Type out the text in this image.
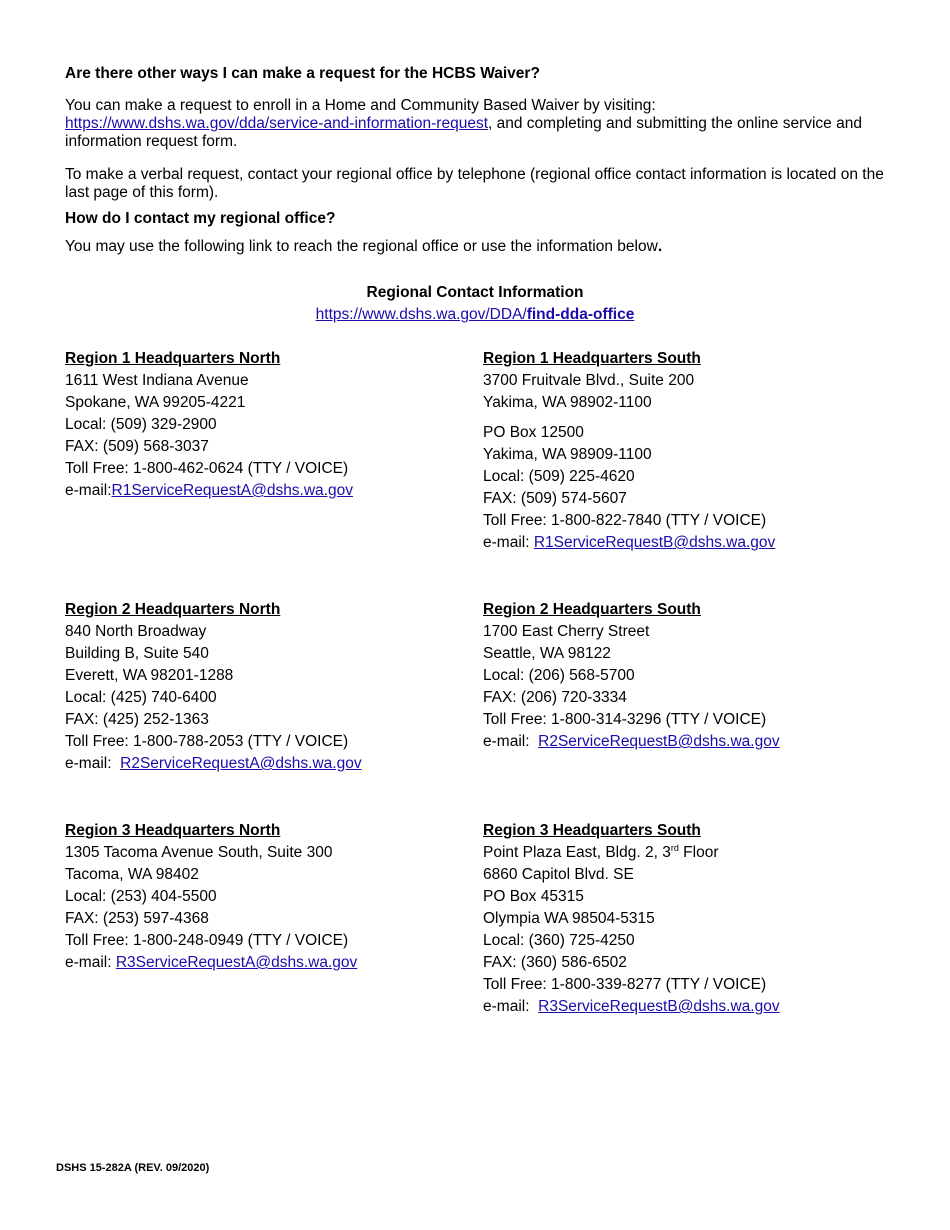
Are there other ways I can make a request for the HCBS Waiver?
You can make a request to enroll in a Home and Community Based Waiver by visiting:
https://www.dshs.wa.gov/dda/service-and-information-request, and completing and submitting the online service and information request form.
To make a verbal request, contact your regional office by telephone (regional office contact information is located on the last page of this form).
How do I contact my regional office?
You may use the following link to reach the regional office or use the information below.
Regional Contact Information
https://www.dshs.wa.gov/DDA/find-dda-office
Region 1 Headquarters North
1611 West Indiana Avenue
Spokane, WA 99205-4221
Local: (509) 329-2900
FAX: (509) 568-3037
Toll Free: 1-800-462-0624 (TTY / VOICE)
e-mail:R1ServiceRequestA@dshs.wa.gov
Region 1 Headquarters South
3700 Fruitvale Blvd., Suite 200
Yakima, WA 98902-1100
PO Box 12500
Yakima, WA 98909-1100
Local: (509) 225-4620
FAX: (509) 574-5607
Toll Free: 1-800-822-7840 (TTY / VOICE)
e-mail: R1ServiceRequestB@dshs.wa.gov
Region 2 Headquarters North
840 North Broadway
Building B, Suite 540
Everett, WA 98201-1288
Local: (425) 740-6400
FAX: (425) 252-1363
Toll Free: 1-800-788-2053 (TTY / VOICE)
e-mail:  R2ServiceRequestA@dshs.wa.gov
Region 2 Headquarters South
1700 East Cherry Street
Seattle, WA 98122
Local: (206) 568-5700
FAX: (206) 720-3334
Toll Free: 1-800-314-3296 (TTY / VOICE)
e-mail:  R2ServiceRequestB@dshs.wa.gov
Region 3 Headquarters North
1305 Tacoma Avenue South, Suite 300
Tacoma, WA 98402
Local: (253) 404-5500
FAX: (253) 597-4368
Toll Free: 1-800-248-0949 (TTY / VOICE)
e-mail: R3ServiceRequestA@dshs.wa.gov
Region 3 Headquarters South
Point Plaza East, Bldg. 2, 3rd Floor
6860 Capitol Blvd. SE
PO Box 45315
Olympia WA 98504-5315
Local: (360) 725-4250
FAX: (360) 586-6502
Toll Free: 1-800-339-8277 (TTY / VOICE)
e-mail:  R3ServiceRequestB@dshs.wa.gov
DSHS 15-282A (REV. 09/2020)
